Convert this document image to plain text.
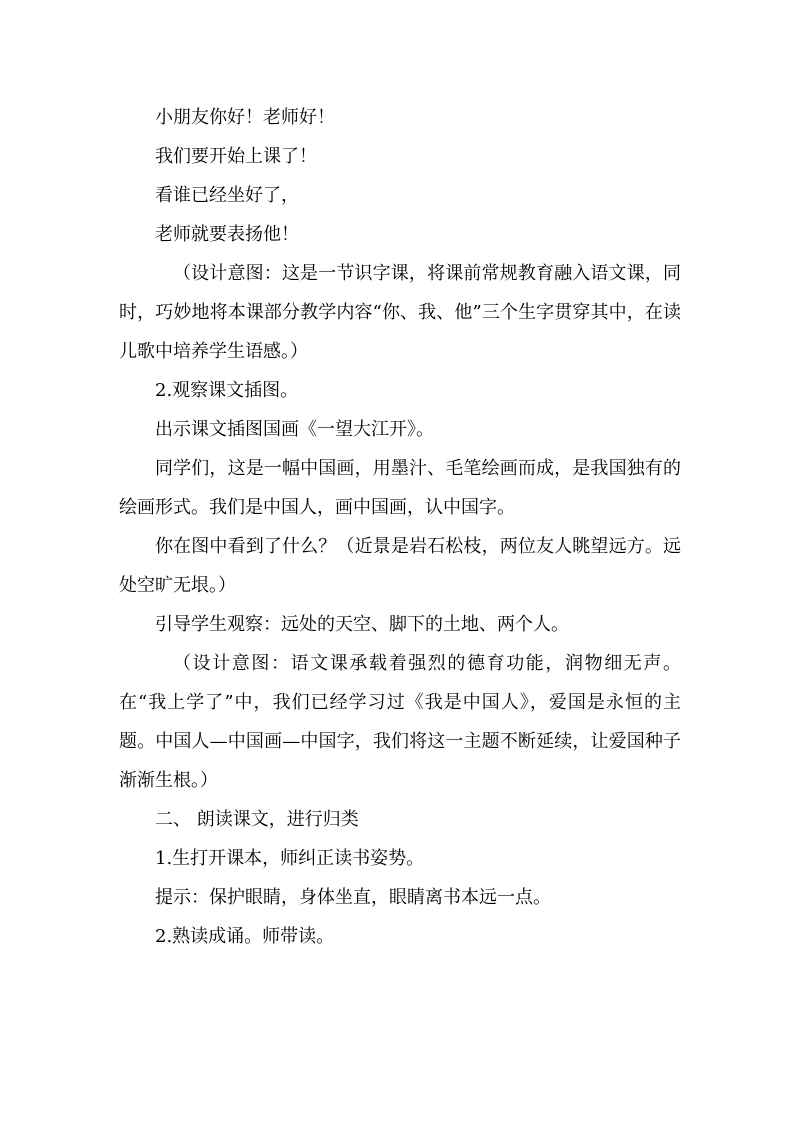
小朋友你好！老师好！

我们要开始上课了！

看谁已经坐好了，

老师就要表扬他！

（设计意图：这是一节识字课，将课前常规教育融入语文课，同时，巧妙地将本课部分教学内容“你、我、他”三个生字贯穿其中，在读儿歌中培养学生语感。）

2.观察课文插图。

出示课文插图国画《一望大江开》。

同学们，这是一幅中国画，用墨汁、毛笔绘画而成，是我国独有的绘画形式。我们是中国人，画中国画，认中国字。

你在图中看到了什么？（近景是岩石松枝，两位友人眺望远方。远处空旷无垠。）

引导学生观察：远处的天空、脚下的土地、两个人。

（设计意图：语文课承载着强烈的德育功能，润物细无声。在“我上学了”中，我们已经学习过《我是中国人》，爱国是永恒的主题。中国人—中国画—中国字，我们将这一主题不断延续，让爱国种子渐渐生根。）

二、 朗读课文，进行归类

1.生打开课本，师纠正读书姿势。

提示：保护眼睛，身体坐直，眼睛离书本远一点。

2.熟读成诵。师带读。
